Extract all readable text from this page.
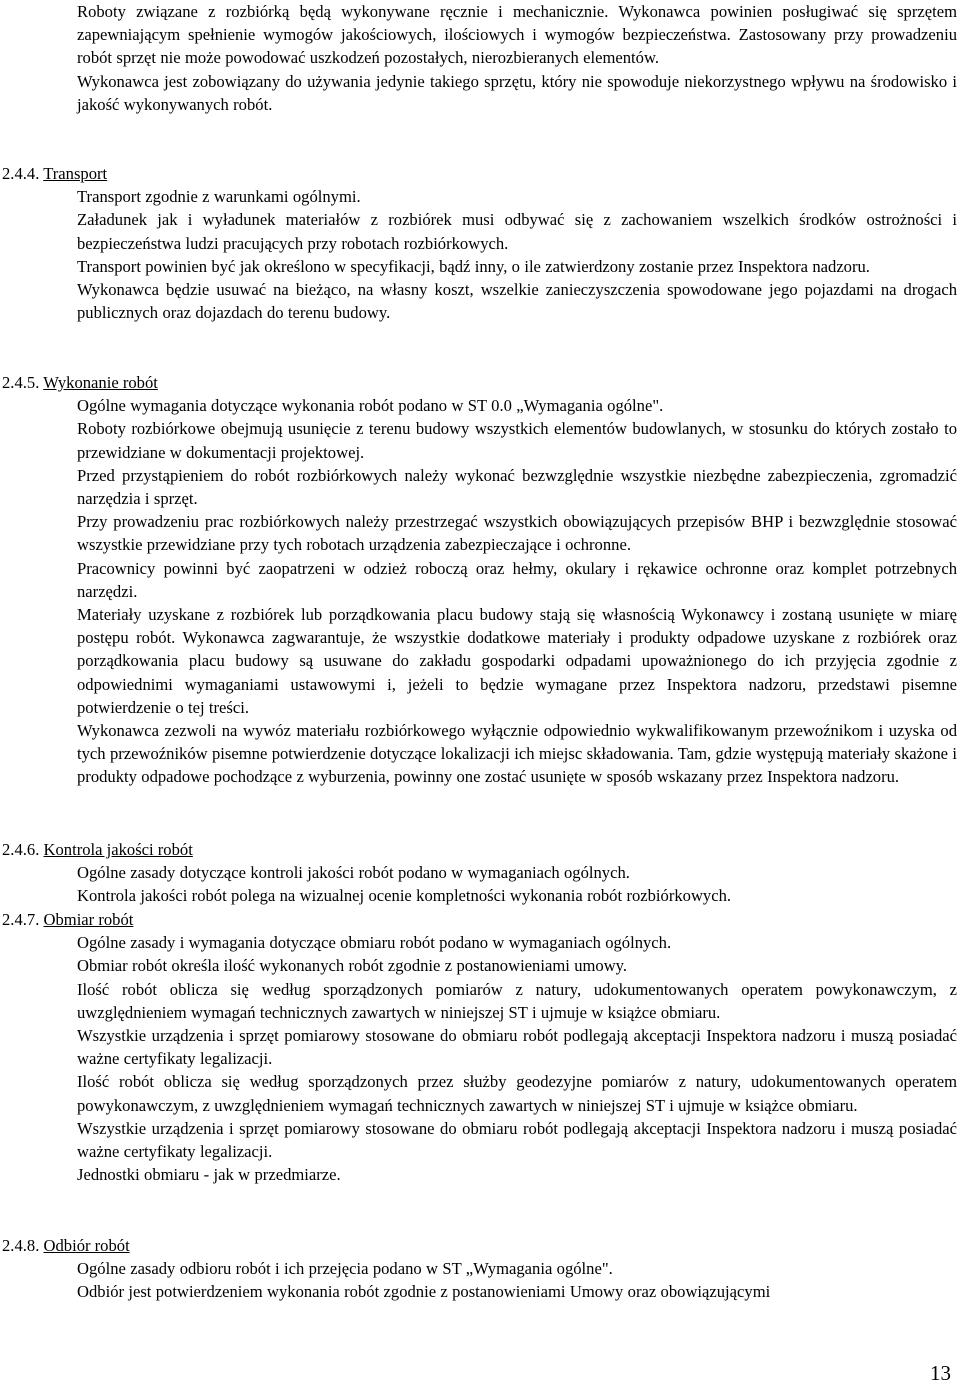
Roboty związane z rozbiórką będą wykonywane ręcznie i mechanicznie. Wykonawca powinien posługiwać się sprzętem zapewniającym spełnienie wymogów jakościowych, ilościowych i wymogów bezpieczeństwa. Zastosowany przy prowadzeniu robót sprzęt nie może powodować uszkodzeń pozostałych, nierozbieranych elementów.

Wykonawca jest zobowiązany do używania jedynie takiego sprzętu, który nie spowoduje niekorzystnego wpływu na środowisko i jakość wykonywanych robót.

2.4.4. Transport

Transport zgodnie z warunkami ogólnymi.

Załadunek jak i wyładunek materiałów z rozbiórek musi odbywać się z zachowaniem wszelkich środków ostrożności i bezpieczeństwa ludzi pracujących przy robotach rozbiórkowych.

Transport powinien być jak określono w specyfikacji, bądź inny, o ile zatwierdzony zostanie przez Inspektora nadzoru.

Wykonawca będzie usuwać na bieżąco, na własny koszt, wszelkie zanieczyszczenia spowodowane jego pojazdami na drogach publicznych oraz dojazdach do terenu budowy.

2.4.5. Wykonanie robót

Ogólne wymagania dotyczące wykonania robót podano w ST 0.0 „Wymagania ogólne".

Roboty rozbiórkowe obejmują usunięcie z terenu budowy wszystkich elementów budowlanych, w stosunku do których zostało to przewidziane w dokumentacji projektowej.

Przed przystąpieniem do robót rozbiórkowych należy wykonać bezwzględnie wszystkie niezbędne zabezpieczenia, zgromadzić narzędzia i sprzęt.

Przy prowadzeniu prac rozbiórkowych należy przestrzegać wszystkich obowiązujących przepisów BHP i bezwzględnie stosować wszystkie przewidziane przy tych robotach urządzenia zabezpieczające i ochronne.

Pracownicy powinni być zaopatrzeni w odzież roboczą oraz hełmy, okulary i rękawice ochronne oraz komplet potrzebnych narzędzi.

Materiały uzyskane z rozbiórek lub porządkowania placu budowy stają się własnością Wykonawcy i zostaną usunięte w miarę postępu robót. Wykonawca zagwarantuje, że wszystkie dodatkowe materiały i produkty odpadowe uzyskane z rozbiórek oraz porządkowania placu budowy są usuwane do zakładu gospodarki odpadami upoważnionego do ich przyjęcia zgodnie z odpowiednimi wymaganiami ustawowymi i, jeżeli to będzie wymagane przez Inspektora nadzoru, przedstawi pisemne potwierdzenie o tej treści.

Wykonawca zezwoli na wywóz materiału rozbiórkowego wyłącznie odpowiednio wykwalifikowanym przewoźnikom i uzyska od tych przewoźników pisemne potwierdzenie dotyczące lokalizacji ich miejsc składowania. Tam, gdzie występują materiały skażone i produkty odpadowe pochodzące z wyburzenia, powinny one zostać usunięte w sposób wskazany przez Inspektora nadzoru.

2.4.6. Kontrola jakości robót

Ogólne zasady dotyczące kontroli jakości robót podano w wymaganiach ogólnych.

Kontrola jakości robót polega na wizualnej ocenie kompletności wykonania robót rozbiórkowych.

2.4.7. Obmiar robót

Ogólne zasady i wymagania dotyczące obmiaru robót podano w wymaganiach ogólnych.

Obmiar robót określa ilość wykonanych robót zgodnie z postanowieniami umowy.

Ilość robót oblicza się według sporządzonych pomiarów z natury, udokumentowanych operatem powykonawczym, z uwzględnieniem wymagań technicznych zawartych w niniejszej ST i ujmuje w książce obmiaru.

Wszystkie urządzenia i sprzęt pomiarowy stosowane do obmiaru robót podlegają akceptacji Inspektora nadzoru i muszą posiadać ważne certyfikaty legalizacji.

Ilość robót oblicza się według sporządzonych przez służby geodezyjne pomiarów z natury, udokumentowanych operatem powykonawczym, z uwzględnieniem wymagań technicznych zawartych w niniejszej ST i ujmuje w książce obmiaru.

Wszystkie urządzenia i sprzęt pomiarowy stosowane do obmiaru robót podlegają akceptacji Inspektora nadzoru i muszą posiadać ważne certyfikaty legalizacji.

Jednostki obmiaru - jak w przedmiarze.

2.4.8. Odbiór robót

Ogólne zasady odbioru robót i ich przejęcia podano w ST „Wymagania ogólne".

Odbiór jest potwierdzeniem wykonania robót zgodnie z postanowieniami Umowy oraz obowiązującymi

13
